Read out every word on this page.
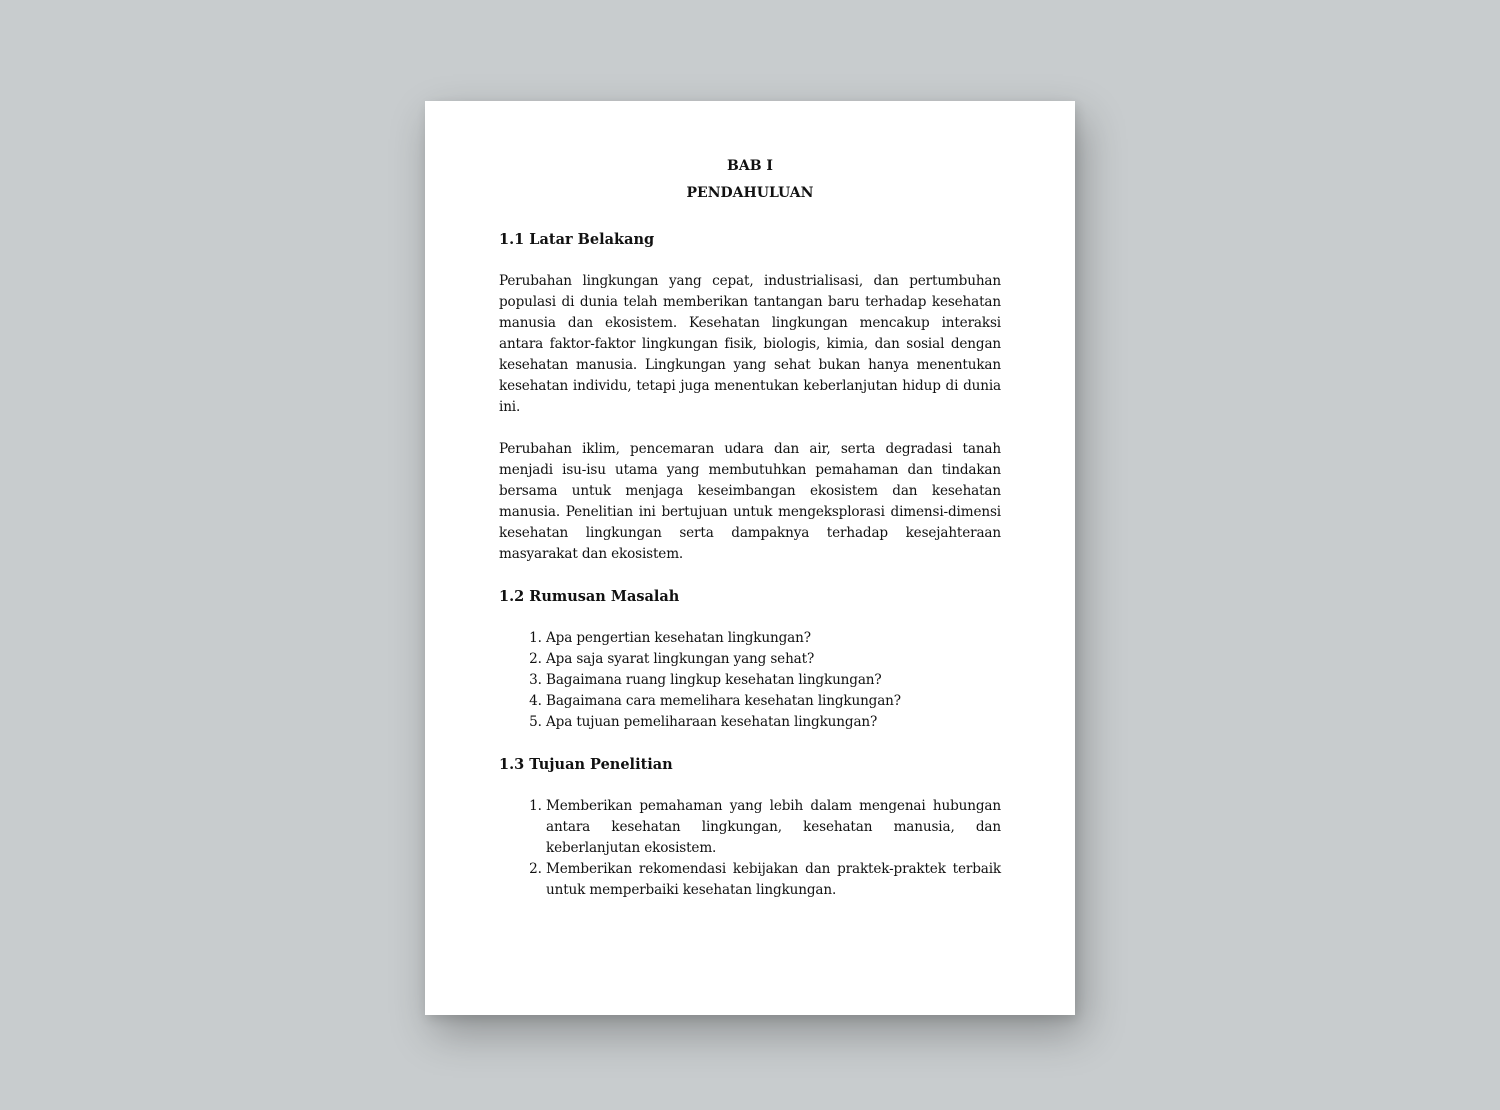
BAB I
PENDAHULUAN
1.1 Latar Belakang

Perubahan lingkungan yang cepat, industrialisasi, dan pertumbuhan populasi di dunia telah memberikan tantangan baru terhadap kesehatan manusia dan ekosistem. Kesehatan lingkungan mencakup interaksi antara faktor-faktor lingkungan fisik, biologis, kimia, dan sosial dengan kesehatan manusia. Lingkungan yang sehat bukan hanya menentukan kesehatan individu, tetapi juga menentukan keberlanjutan hidup di dunia ini.

Perubahan iklim, pencemaran udara dan air, serta degradasi tanah menjadi isu-isu utama yang membutuhkan pemahaman dan tindakan bersama untuk menjaga keseimbangan ekosistem dan kesehatan manusia. Penelitian ini bertujuan untuk mengeksplorasi dimensi-dimensi kesehatan lingkungan serta dampaknya terhadap kesejahteraan masyarakat dan ekosistem.

1.2 Rumusan Masalah
1. Apa pengertian kesehatan lingkungan?
2. Apa saja syarat lingkungan yang sehat?
3. Bagaimana ruang lingkup kesehatan lingkungan?
4. Bagaimana cara memelihara kesehatan lingkungan?
5. Apa tujuan pemeliharaan kesehatan lingkungan?
1.3 Tujuan Penelitian
1. Memberikan pemahaman yang lebih dalam mengenai hubungan antara kesehatan lingkungan, kesehatan manusia, dan keberlanjutan ekosistem.
2. Memberikan rekomendasi kebijakan dan praktek-praktek terbaik untuk memperbaiki kesehatan lingkungan.
